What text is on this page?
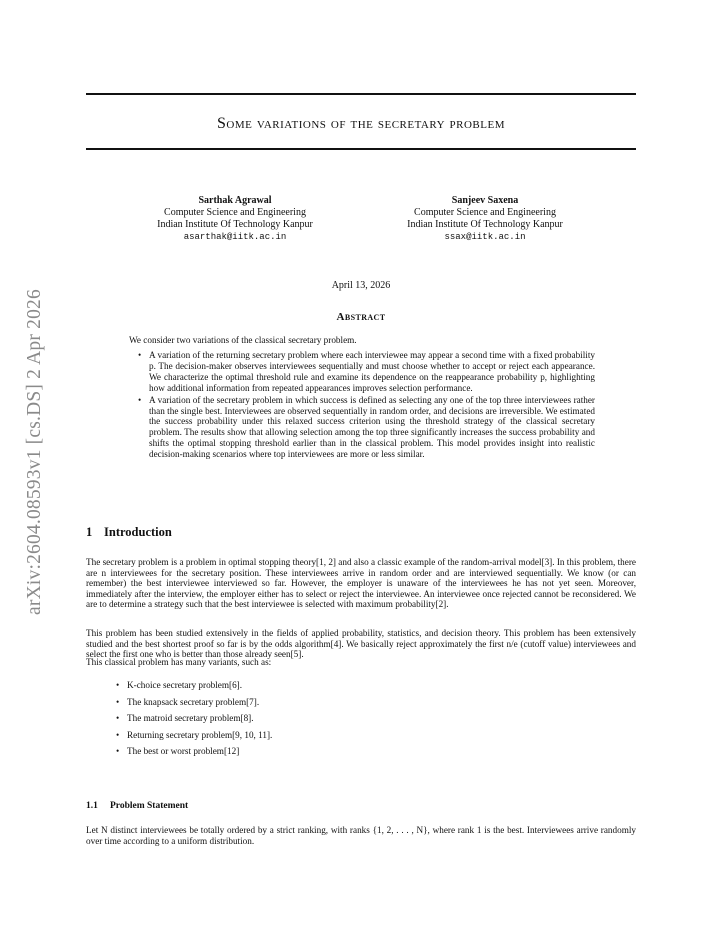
arXiv:2604.08593v1 [cs.DS] 2 Apr 2026
Some variations of the secretary problem
Sarthak Agrawal
Computer Science and Engineering
Indian Institute Of Technology Kanpur
asarthak@iitk.ac.in
Sanjeev Saxena
Computer Science and Engineering
Indian Institute Of Technology Kanpur
ssax@iitk.ac.in
April 13, 2026
Abstract
We consider two variations of the classical secretary problem.
• A variation of the returning secretary problem where each interviewee may appear a second time with a fixed probability p. The decision-maker observes interviewees sequentially and must choose whether to accept or reject each appearance. We characterize the optimal threshold rule and examine its dependence on the reappearance probability p, highlighting how additional information from repeated appearances improves selection performance.
• A variation of the secretary problem in which success is defined as selecting any one of the top three interviewees rather than the single best. Interviewees are observed sequentially in random order, and decisions are irreversible. We estimated the success probability under this relaxed success criterion using the threshold strategy of the classical secretary problem. The results show that allowing selection among the top three significantly increases the success probability and shifts the optimal stopping threshold earlier than in the classical problem. This model provides insight into realistic decision-making scenarios where top interviewees are more or less similar.
1 Introduction

The secretary problem is a problem in optimal stopping theory[1, 2] and also a classic example of the random-arrival model[3]. In this problem, there are n interviewees for the secretary position. These interviewees arrive in random order and are interviewed sequentially. We know (or can remember) the best interviewee interviewed so far. However, the employer is unaware of the interviewees he has not yet seen. Moreover, immediately after the interview, the employer either has to select or reject the interviewee. An interviewee once rejected cannot be reconsidered. We are to determine a strategy such that the best interviewee is selected with maximum probability[2].

This problem has been studied extensively in the fields of applied probability, statistics, and decision theory. This problem has been extensively studied and the best shortest proof so far is by the odds algorithm[4]. We basically reject approximately the first n/e (cutoff value) interviewees and select the first one who is better than those already seen[5].

This classical problem has many variants, such as:

• K-choice secretary problem[6].
• The knapsack secretary problem[7].
• The matroid secretary problem[8].
• Returning secretary problem[9, 10, 11].
• The best or worst problem[12]
1.1 Problem Statement

Let N distinct interviewees be totally ordered by a strict ranking, with ranks {1, 2, . . . , N}, where rank 1 is the best. Interviewees arrive randomly over time according to a uniform distribution.
